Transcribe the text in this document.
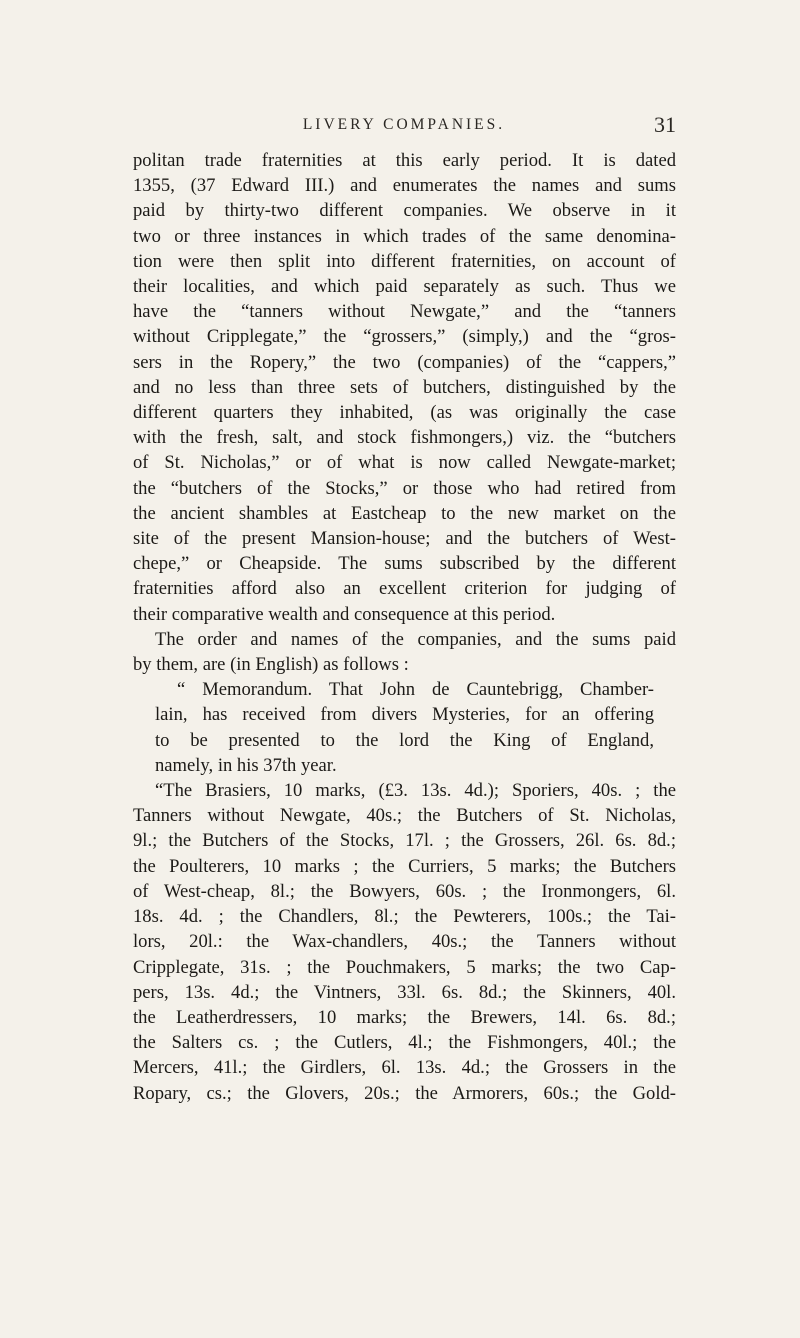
LIVERY COMPANIES.	31

politan trade fraternities at this early period. It is dated
1355, (37 Edward III.) and enumerates the names and sums
paid by thirty-two different companies. We observe in it
two or three instances in which trades of the same denomina-
tion were then split into different fraternities, on account of
their localities, and which paid separately as such. Thus we
have the “tanners without Newgate,” and the “tanners
without Cripplegate,” the “grossers,” (simply,) and the “gros-
sers in the Ropery,” the two (companies) of the “cappers,”
and no less than three sets of butchers, distinguished by the
different quarters they inhabited, (as was originally the case
with the fresh, salt, and stock fishmongers,) viz. the “butchers
of St. Nicholas,” or of what is now called Newgate-market;
the “butchers of the Stocks,” or those who had retired from
the ancient shambles at Eastcheap to the new market on the
site of the present Mansion-house; and the butchers of West-
chepe,” or Cheapside. The sums subscribed by the different
fraternities afford also an excellent criterion for judging of
their comparative wealth and consequence at this period.

The order and names of the companies, and the sums paid
by them, are (in English) as follows :

“ Memorandum. That John de Cauntebrigg, Chamber-
lain, has received from divers Mysteries, for an offering
to be presented to the lord the King of England,
namely, in his 37th year.

“The Brasiers, 10 marks, (£3. 13s. 4d.); Sporiers, 40s. ; the
Tanners without Newgate, 40s.; the Butchers of St. Nicholas,
9l.; the Butchers of the Stocks, 17l. ; the Grossers, 26l. 6s. 8d.;
the Poulterers, 10 marks ; the Curriers, 5 marks; the Butchers
of West-cheap, 8l.; the Bowyers, 60s. ; the Ironmongers, 6l.
18s. 4d. ; the Chandlers, 8l.; the Pewterers, 100s.; the Tai-
lors, 20l.: the Wax-chandlers, 40s.; the Tanners without
Cripplegate, 31s. ; the Pouchmakers, 5 marks; the two Cap-
pers, 13s. 4d.; the Vintners, 33l. 6s. 8d.; the Skinners, 40l.
the Leatherdressers, 10 marks; the Brewers, 14l. 6s. 8d.;
the Salters cs. ; the Cutlers, 4l.; the Fishmongers, 40l.; the
Mercers, 41l.; the Girdlers, 6l. 13s. 4d.; the Grossers in the
Ropary, cs.; the Glovers, 20s.; the Armorers, 60s.; the Gold-
